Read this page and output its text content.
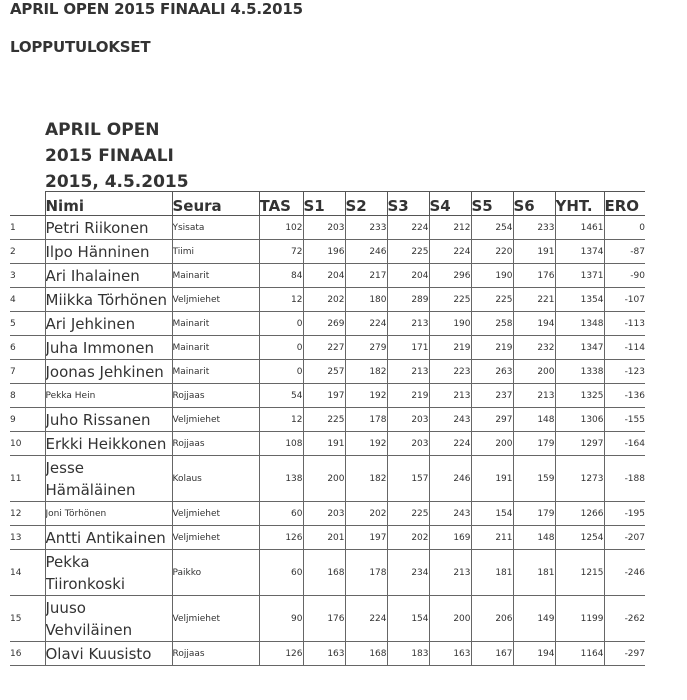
APRIL OPEN 2015 FINAALI 4.5.2015
LOPPUTULOKSET
APRIL OPEN
2015 FINAALI
2015, 4.5.2015
	Nimi	Seura	TAS	S1	S2	S3	S4	S5	S6	YHT.	ERO
1	Petri Riikonen	Ysisata	102	203	233	224	212	254	233	1461	0
2	Ilpo Hänninen	Tiimi	72	196	246	225	224	220	191	1374	-87
3	Ari Ihalainen	Mainarit	84	204	217	204	296	190	176	1371	-90
4	Miikka Törhönen	Veljmiehet	12	202	180	289	225	225	221	1354	-107
5	Ari Jehkinen	Mainarit	0	269	224	213	190	258	194	1348	-113
6	Juha Immonen	Mainarit	0	227	279	171	219	219	232	1347	-114
7	Joonas Jehkinen	Mainarit	0	257	182	213	223	263	200	1338	-123
8	Pekka Hein	Rojjaas	54	197	192	219	213	237	213	1325	-136
9	Juho Rissanen	Veljmiehet	12	225	178	203	243	297	148	1306	-155
10	Erkki Heikkonen	Rojjaas	108	191	192	203	224	200	179	1297	-164
11	Jesse Hämäläinen	Kolaus	138	200	182	157	246	191	159	1273	-188
12	Joni Törhönen	Veljmiehet	60	203	202	225	243	154	179	1266	-195
13	Antti Antikainen	Veljmiehet	126	201	197	202	169	211	148	1254	-207
14	Pekka Tiironkoski	Paikko	60	168	178	234	213	181	181	1215	-246
15	Juuso Vehviläinen	Veljmiehet	90	176	224	154	200	206	149	1199	-262
16	Olavi Kuusisto	Rojjaas	126	163	168	183	163	167	194	1164	-297
